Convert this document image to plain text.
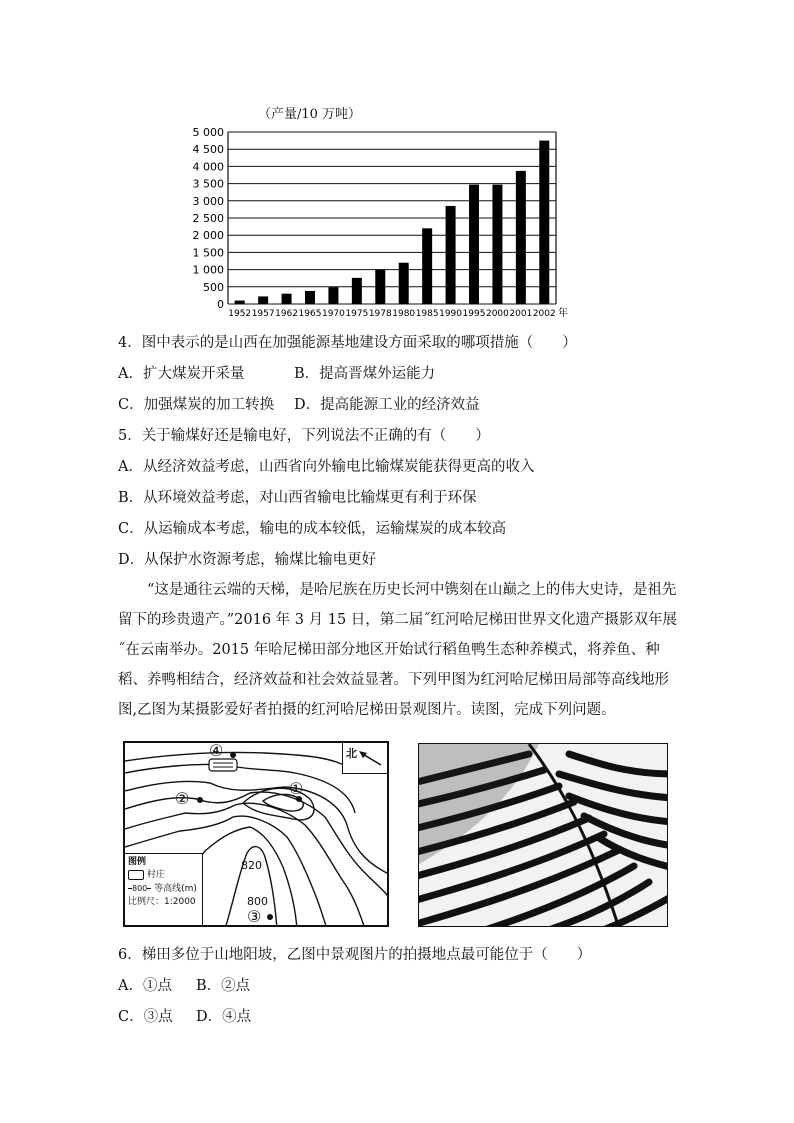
（产量/10 万吨）
0
500
1 000
1 500
2 000
2 500
3 000
3 500
4 000
4 500
5 000
1952 1957 1962 1965 1970 1975 1978 1980 1985 1990 1995 2000 2001 2002 年
4．图中表示的是山西在加强能源基地建设方面采取的哪项措施（　　）
A．扩大煤炭开采量	B．提高晋煤外运能力
C．加强煤炭的加工转换 D．提高能源工业的经济效益
5．关于输煤好还是输电好，下列说法不正确的有（　　）
A．从经济效益考虑，山西省向外输电比输煤炭能获得更高的收入
B．从环境效益考虑，对山西省输电比输煤更有利于环保
C．从运输成本考虑，输电的成本较低，运输煤炭的成本较高
D．从保护水资源考虑，输煤比输电更好
“这是通往云端的天梯，是哈尼族在历史长河中镌刻在山巅之上的伟大史诗，是祖先留下的珍贵遗产。”2016 年 3 月 15 日，第二届˝红河哈尼梯田世界文化遗产摄影双年展˝在云南举办。2015 年哈尼梯田部分地区开始试行稻鱼鸭生态种养模式，将养鱼、种稻、养鸭相结合，经济效益和社会效益显著。下列甲图为红河哈尼梯田局部等高线地形图,乙图为某摄影爱好者拍摄的红河哈尼梯田景观图片。读图，完成下列问题。
①
②
③
④
820
800
北
图例
村庄
800 等高线(m)
比例尺：1:2000
6．梯田多位于山地阳坡，乙图中景观图片的拍摄地点最可能位于（　　）
A．①点 B．②点
C．③点 D．④点
